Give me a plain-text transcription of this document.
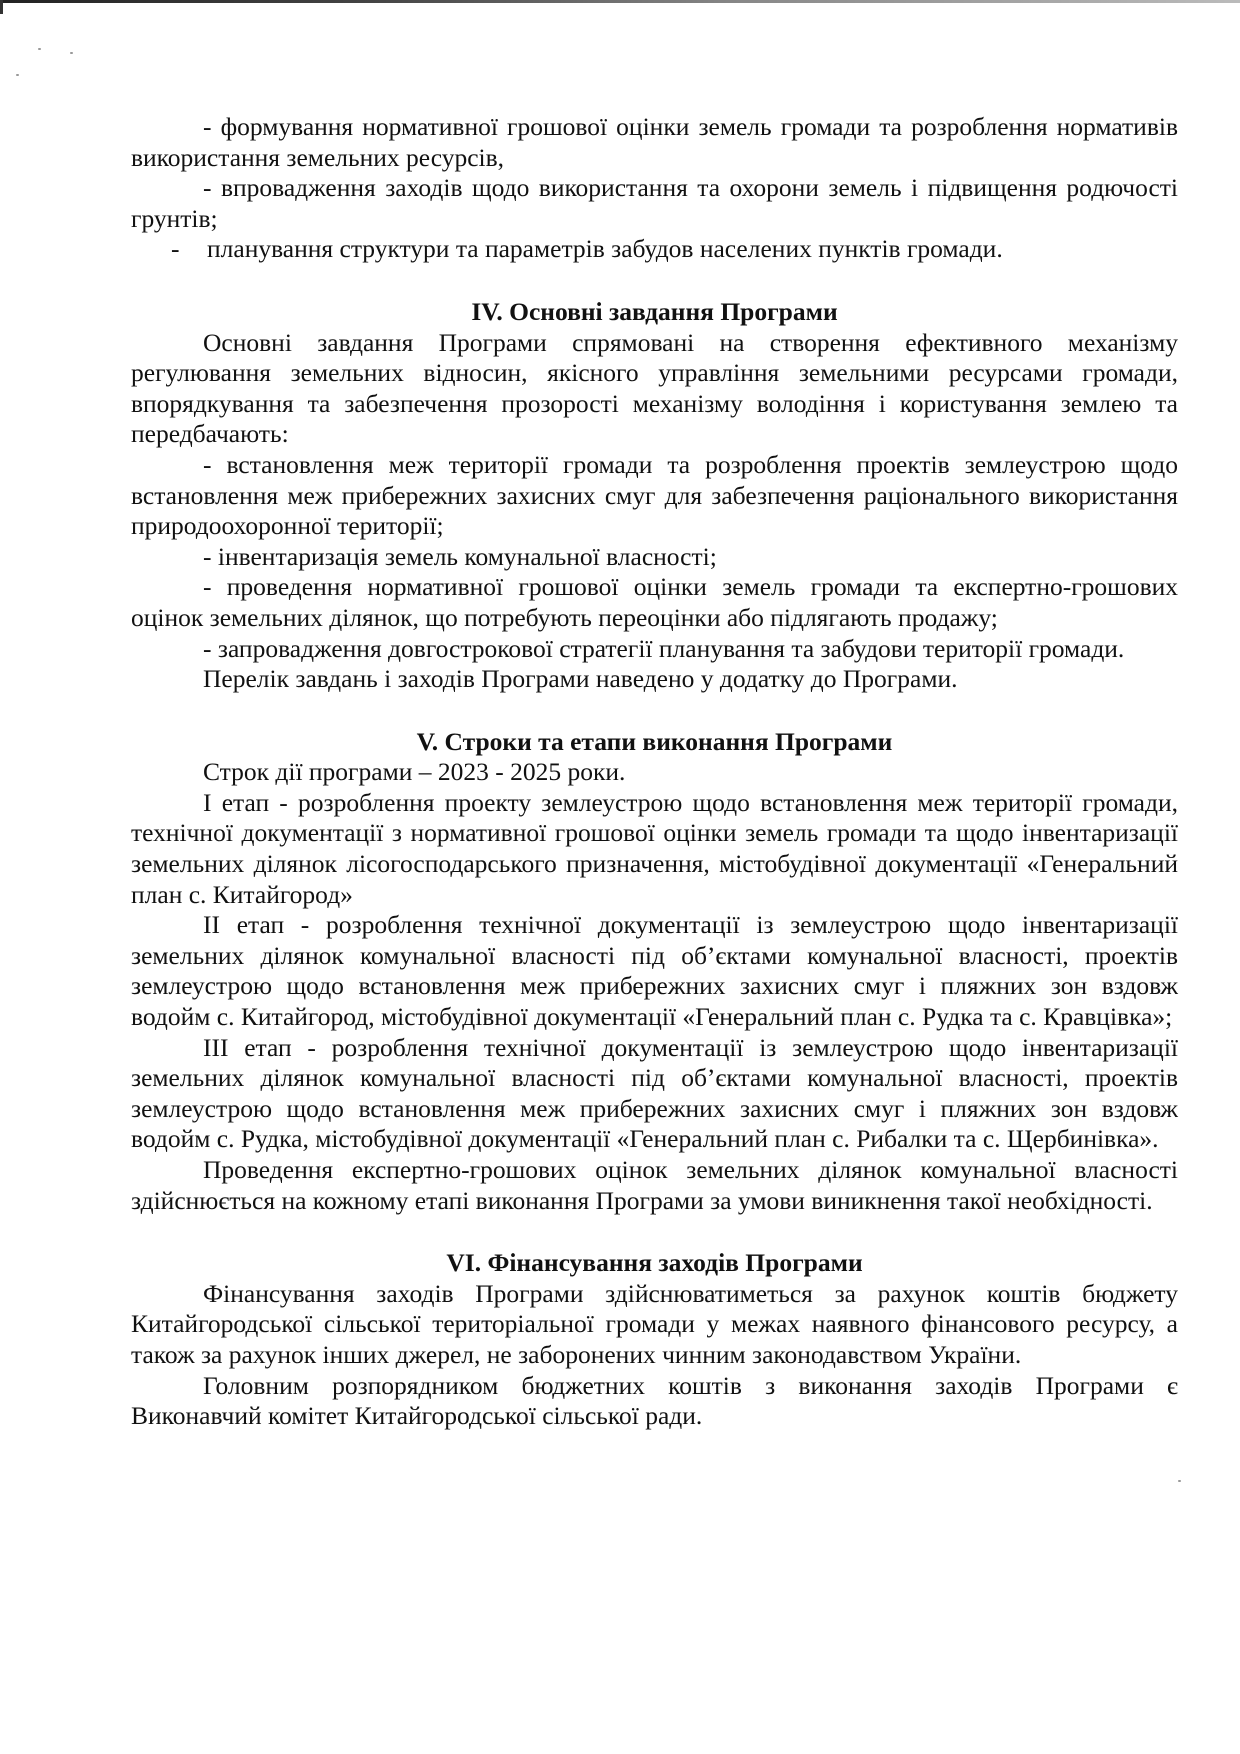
- формування нормативної грошової оцінки земель громади та розроблення нормативів використання земельних ресурсів,

- впровадження заходів щодо використання та охорони земель і підвищення родючості грунтів;

- планування структури та параметрів забудов населених пунктів громади.

IV. Основні завдання Програми

Основні завдання Програми спрямовані на створення ефективного механізму регулювання земельних відносин, якісного управління земельними ресурсами громади, впорядкування та забезпечення прозорості механізму володіння і користування землею та передбачають:

- встановлення меж території громади та розроблення проектів землеустрою щодо встановлення меж прибережних захисних смуг для забезпечення раціонального використання природоохоронної території;

- інвентаризація земель комунальної власності;

- проведення нормативної грошової оцінки земель громади та експертно-грошових оцінок земельних ділянок, що потребують переоцінки або підлягають продажу;

- запровадження довгострокової стратегії планування та забудови території громади.

Перелік завдань і заходів Програми наведено у додатку до Програми.

V. Строки та етапи виконання Програми

Строк дії програми – 2023 - 2025 роки.

І етап - розроблення проекту землеустрою щодо встановлення меж території громади, технічної документації з нормативної грошової оцінки земель громади та щодо інвентаризації земельних ділянок лісогосподарського призначення, містобудівної документації «Генеральний план с. Китайгород»

ІІ етап - розроблення технічної документації із землеустрою щодо інвентаризації земельних ділянок комунальної власності під об’єктами комунальної власності, проектів землеустрою щодо встановлення меж прибережних захисних смуг і пляжних зон вздовж водойм с. Китайгород, містобудівної документації «Генеральний план с. Рудка та с. Кравцівка»;

ІІІ етап - розроблення технічної документації із землеустрою щодо інвентаризації земельних ділянок комунальної власності під об’єктами комунальної власності, проектів землеустрою щодо встановлення меж прибережних захисних смуг і пляжних зон вздовж водойм с. Рудка, містобудівної документації «Генеральний план с. Рибалки та с. Щербинівка».

Проведення експертно-грошових оцінок земельних ділянок комунальної власності здійснюється на кожному етапі виконання Програми за умови виникнення такої необхідності.

VI. Фінансування заходів Програми

Фінансування заходів Програми здійснюватиметься за рахунок коштів бюджету Китайгородської сільської територіальної громади у межах наявного фінансового ресурсу, а також за рахунок інших джерел, не заборонених чинним законодавством України.

Головним розпорядником бюджетних коштів з виконання заходів Програми є Виконавчий комітет Китайгородської сільської ради.
